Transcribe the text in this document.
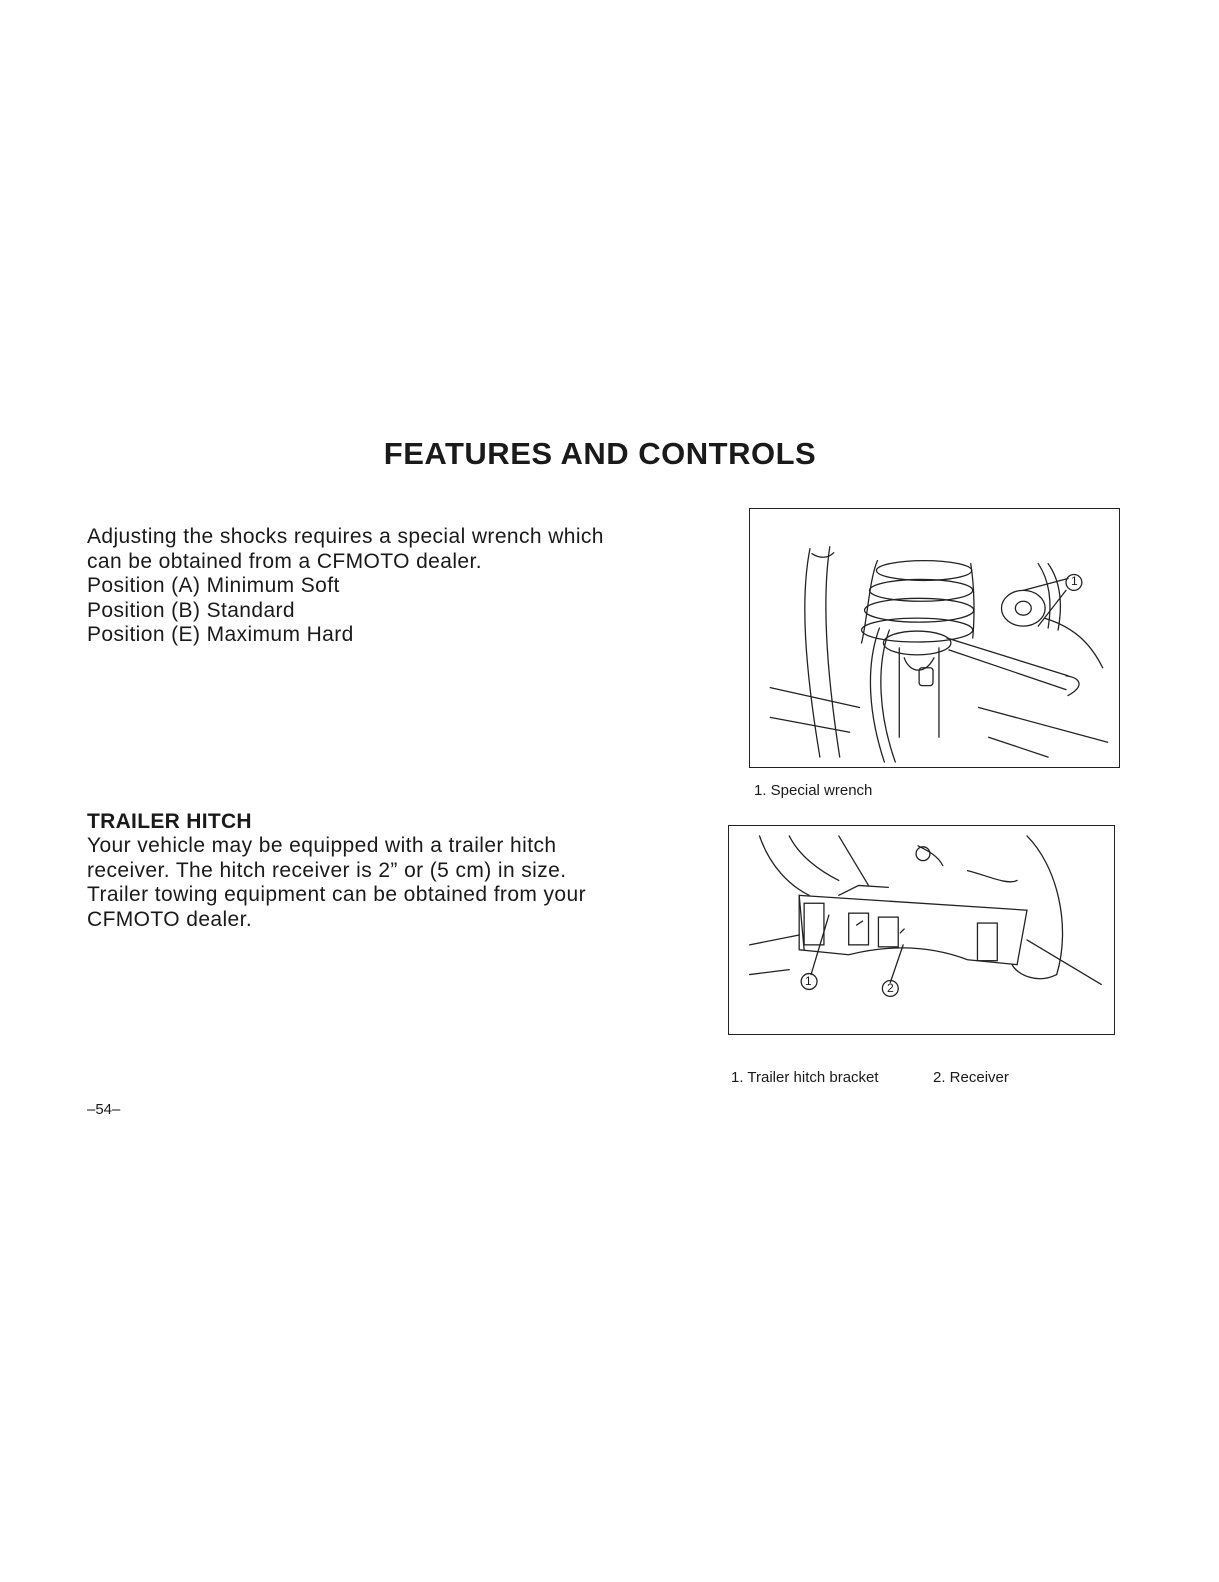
FEATURES AND CONTROLS
Adjusting the shocks requires a special wrench which
can be obtained from a CFMOTO dealer.
Position (A) Minimum Soft
Position (B) Standard
Position (E) Maximum Hard
1

1. Special wrench

TRAILER HITCH
Your vehicle may be equipped with a trailer hitch
receiver. The hitch receiver is 2” or (5 cm) in size.
Trailer towing equipment can be obtained from your
CFMOTO dealer.
1	2

1. Trailer hitch bracket	2. Receiver

–54–
